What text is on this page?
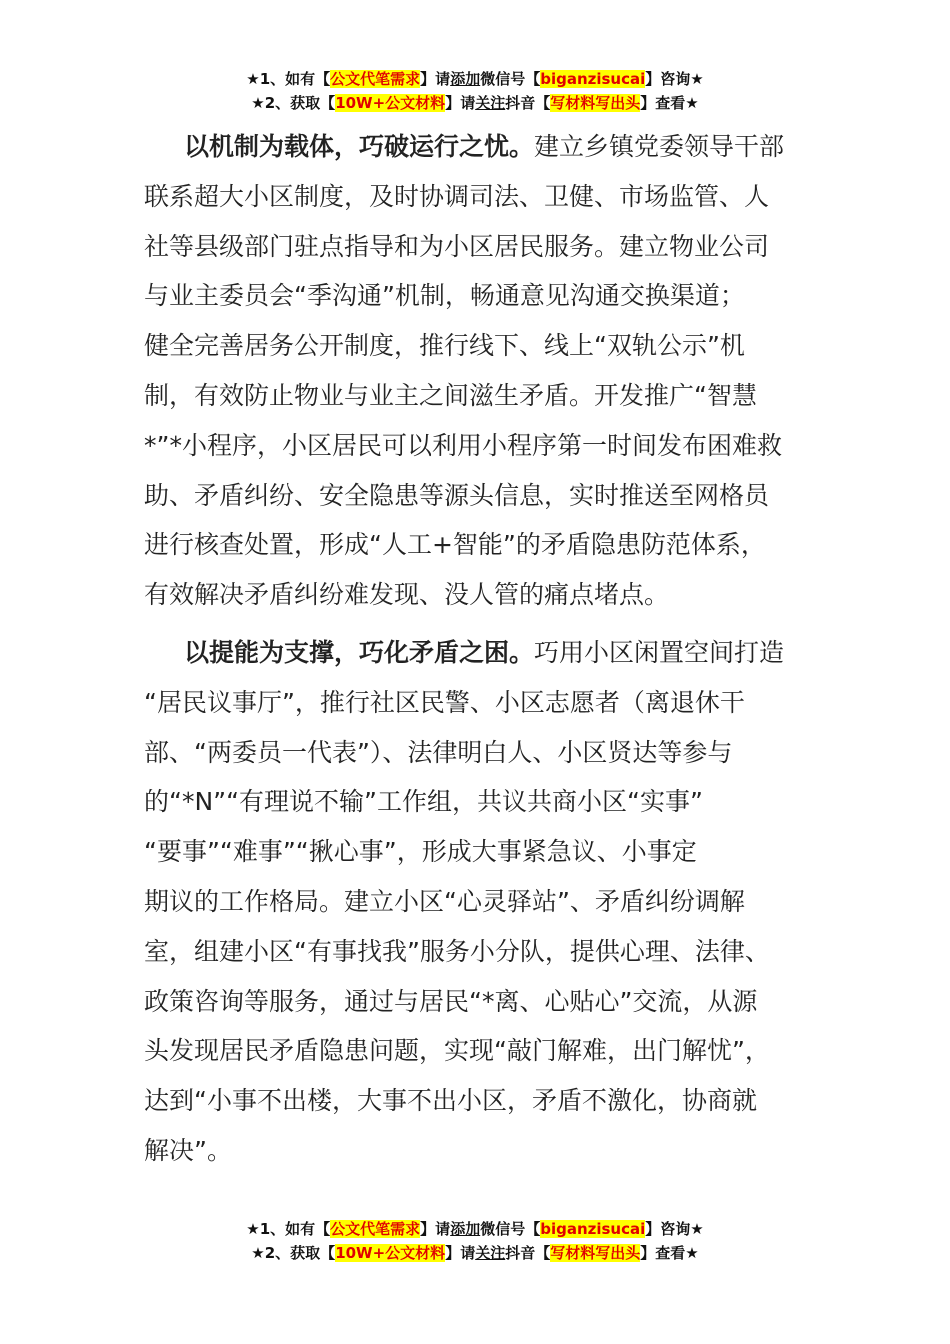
★1、如有【公文代笔需求】请添加微信号【biganzisucai】咨询★
★2、获取【10W+公文材料】请关注抖音【写材料写出头】查看★
以机制为载体，巧破运行之忧。建立乡镇党委领导干部
联系超大小区制度，及时协调司法、卫健、市场监管、人
社等县级部门驻点指导和为小区居民服务。建立物业公司
与业主委员会“季沟通”机制，畅通意见沟通交换渠道；
健全完善居务公开制度，推行线下、线上“双轨公示”机
制，有效防止物业与业主之间滋生矛盾。开发推广“智慧
*”*小程序，小区居民可以利用小程序第一时间发布困难救
助、矛盾纠纷、安全隐患等源头信息，实时推送至网格员
进行核查处置，形成“人工+智能”的矛盾隐患防范体系，
有效解决矛盾纠纷难发现、没人管的痛点堵点。
以提能为支撑，巧化矛盾之困。巧用小区闲置空间打造
“居民议事厅”，推行社区民警、小区志愿者（离退休干
部、“两委员一代表”）、法律明白人、小区贤达等参与
的“*N”“有理说不输”工作组，共议共商小区“实事”
“要事”“难事”“揪心事”，形成大事紧急议、小事定
期议的工作格局。建立小区“心灵驿站”、矛盾纠纷调解
室，组建小区“有事找我”服务小分队，提供心理、法律、
政策咨询等服务，通过与居民“*离、心贴心”交流，从源
头发现居民矛盾隐患问题，实现“敲门解难，出门解忧”，
达到“小事不出楼，大事不出小区，矛盾不激化，协商就
解决”。
★1、如有【公文代笔需求】请添加微信号【biganzisucai】咨询★
★2、获取【10W+公文材料】请关注抖音【写材料写出头】查看★
